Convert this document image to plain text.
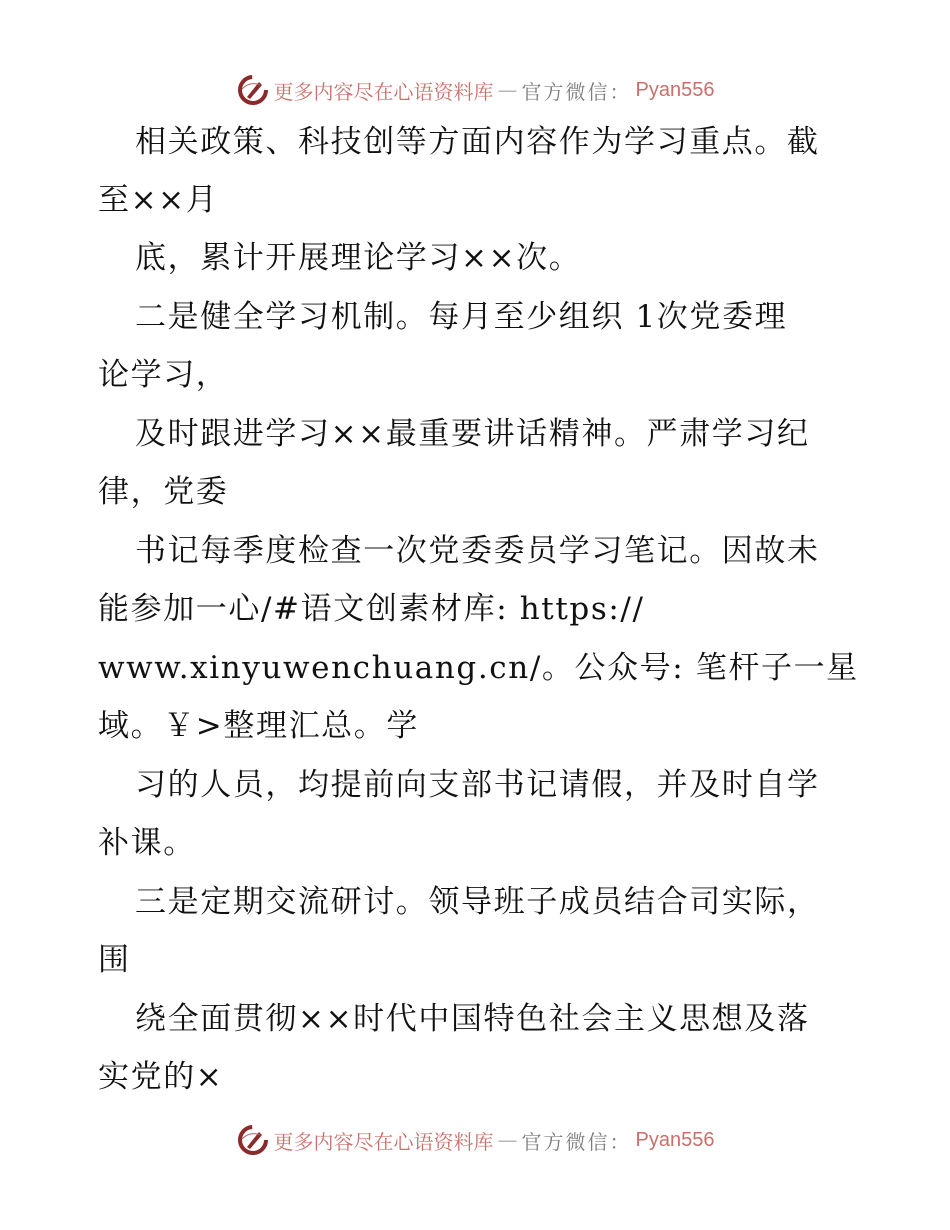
更多内容尽在心语资料库 — 官方微信： Pyan556
相关政策、科技创等方面内容作为学习重点。截
至××月
底，累计开展理论学习××次。
二是健全学习机制。每月至少组织 1次党委理
论学习，
及时跟进学习××最重要讲话精神。严肃学习纪
律，党委
书记每季度检查一次党委委员学习笔记。因故未
能参加一心/#语文创素材库: https://
www.xinyuwenchuang.cn/。公众号: 笔杆子一星
域。￥>整理汇总。学
习的人员，均提前向支部书记请假，并及时自学
补课。
三是定期交流研讨。领导班子成员结合司实际，
围
绕全面贯彻××时代中国特色社会主义思想及落
实党的×
更多内容尽在心语资料库 — 官方微信： Pyan556
